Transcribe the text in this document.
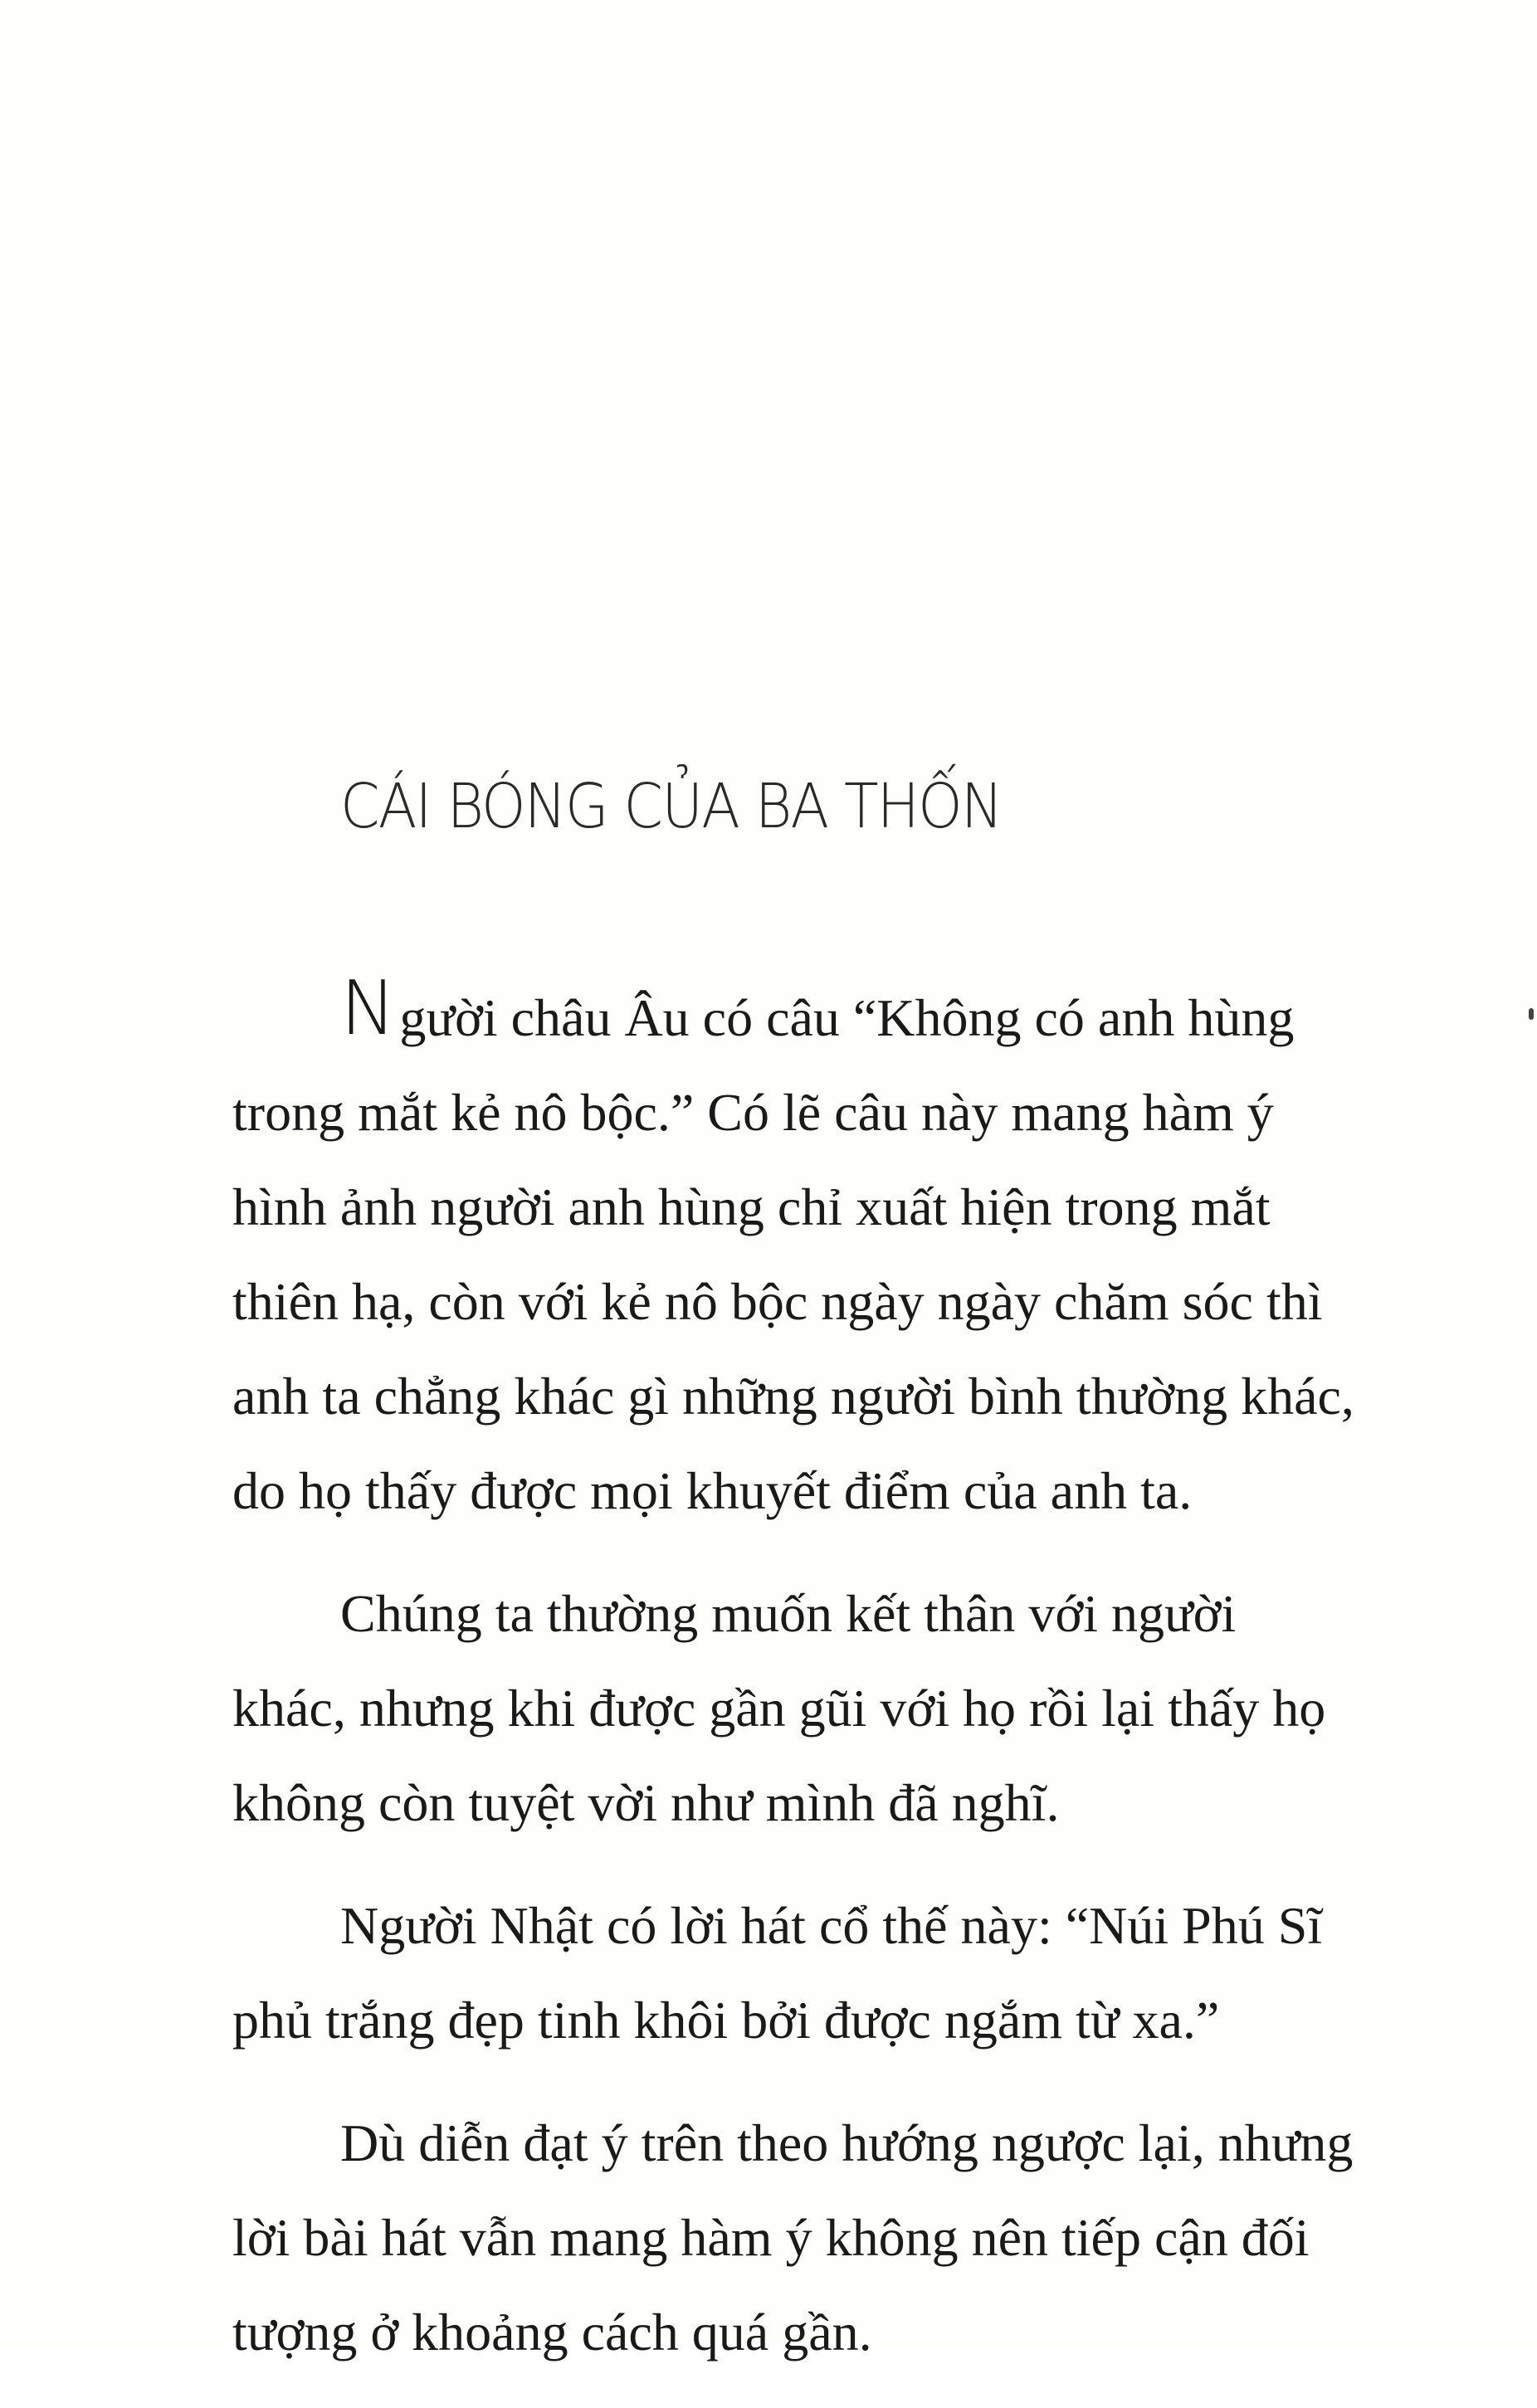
CÁI BÓNG CỦA BA THỐN

Người châu Âu có câu “Không có anh hùng
trong mắt kẻ nô bộc.” Có lẽ câu này mang hàm ý
hình ảnh người anh hùng chỉ xuất hiện trong mắt
thiên hạ, còn với kẻ nô bộc ngày ngày chăm sóc thì
anh ta chẳng khác gì những người bình thường khác,
do họ thấy được mọi khuyết điểm của anh ta.

Chúng ta thường muốn kết thân với người
khác, nhưng khi được gần gũi với họ rồi lại thấy họ
không còn tuyệt vời như mình đã nghĩ.

Người Nhật có lời hát cổ thế này: “Núi Phú Sĩ
phủ trắng đẹp tinh khôi bởi được ngắm từ xa.”

Dù diễn đạt ý trên theo hướng ngược lại, nhưng
lời bài hát vẫn mang hàm ý không nên tiếp cận đối
tượng ở khoảng cách quá gần.
